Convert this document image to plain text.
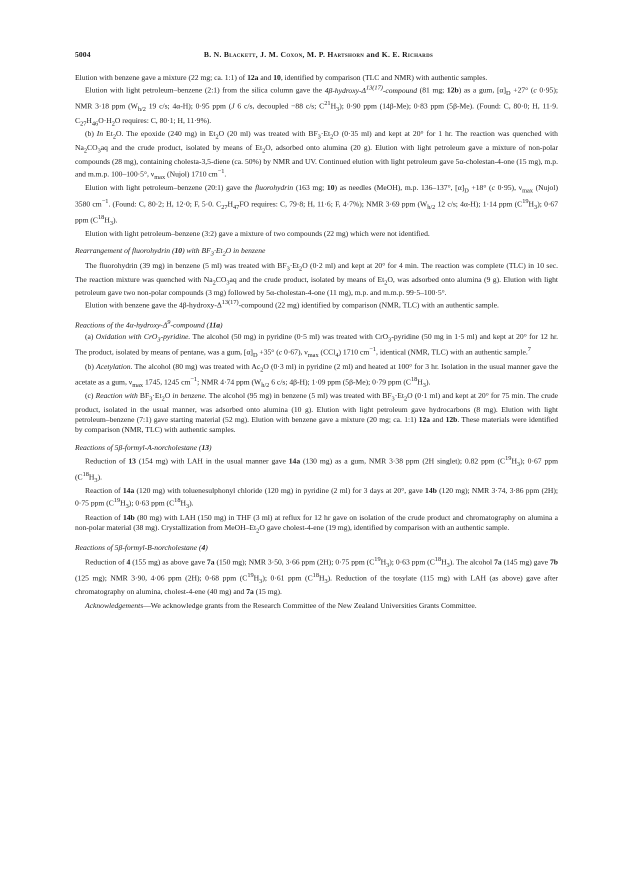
5004	B. N. Blackett, J. M. Coxon, M. P. Hartshorn and K. E. Richards

Elution with benzene gave a mixture (22 mg; ca. 1:1) of 12a and 10, identified by comparison (TLC and NMR) with authentic samples.

Elution with light petroleum–benzene (2:1) from the silica column gave the $4\beta-hydroxy-\Delta^{13(17)}$-compound (81 mg; 12b) as a gum, $[\alpha]_D +27^\circ$ (c 0·95); NMR 3·18 ppm ($W_{h/2}$ 19 c/s; 4α-H); 0·95 ppm (J 6 c/s, decoupled −88 c/s; $C^{21}H_3$); 0·90 ppm (14β-Me); 0·83 ppm (5β-Me). (Found: C, 80·0; H, 11·9. $C_{27}H_{46}O\cdot H_2O$ requires: C, 80·1; H, 11·9%).

(b) In $Et_2O$. The epoxide (240 mg) in $Et_2O$ (20 ml) was treated with $BF_3\cdot Et_2O$ (0·35 ml) and kept at 20° for 1 hr. The reaction was quenched with $Na_2CO_3aq$ and the crude product, isolated by means of $Et_2O$, adsorbed onto alumina (20 g). Elution with light petroleum gave a mixture of non-polar compounds (28 mg), containing cholesta-3,5-diene (ca. 50%) by NMR and UV. Continued elution with light petroleum gave 5α-cholestan-4-one (15 mg), m.p. and m.m.p. 100–100·5°, $\nu_{max}$ (Nujol) 1710 $cm^{-1}$.

Elution with light petroleum–benzene (20:1) gave the fluorohydrin (163 mg; 10) as needles (MeOH), m.p. 136–137°, $[\alpha]_D +18^\circ$ (c 0·95), $\nu_{max}$ (Nujol) 3580 $cm^{-1}$. (Found: C, 80·2; H, 12·0; F, 5·0. $C_{27}H_{47}FO$ requires: C, 79·8; H, 11·6; F, 4·7%); NMR 3·69 ppm ($W_{h/2}$ 12 c/s; 4α-H); 1·14 ppm $(C^{19}H_3)$; 0·67 ppm $(C^{18}H_3)$.

Elution with light petroleum–benzene (3:2) gave a mixture of two compounds (22 mg) which were not identified.

Rearrangement of fluorohydrin (10) with $BF_3\cdot Et_2O$ in benzene

The fluorohydrin (39 mg) in benzene (5 ml) was treated with $BF_3\cdot Et_2O$ (0·2 ml) and kept at 20° for 4 min. The reaction was complete (TLC) in 10 sec. The reaction mixture was quenched with $Na_2CO_3aq$ and the crude product, isolated by means of $Et_2O$, was adsorbed onto alumina (9 g). Elution with light petroleum gave two non-polar compounds (3 mg) followed by 5α-cholestan-4-one (11 mg), m.p. and m.m.p. 99·5–100·5°.

Elution with benzene gave the $4\beta-hydroxy-\Delta^{13(17)}$-compound (22 mg) identified by comparison (NMR, TLC) with an authentic sample.

Reactions of the $4\alpha-hydroxy-\Delta^9$-compound (11a)

(a) Oxidation with CrO$_3$-pyridine. The alcohol (50 mg) in pyridine (0·5 ml) was treated with CrO$_3$-pyridine (50 mg in 1·5 ml) and kept at 20° for 12 hr. The product, isolated by means of pentane, was a gum, $[\alpha]_D +35^\circ$ (c 0·67), $\nu_{max}$ (CCl$_4$) 1710 $cm^{-1}$, identical (NMR, TLC) with an authentic sample.$^7$

(b) Acetylation. The alcohol (80 mg) was treated with $Ac_2O$ (0·3 ml) in pyridine (2 ml) and heated at 100° for 3 hr. Isolation in the usual manner gave the acetate as a gum, $\nu_{max}$ 1745, 1245 $cm^{-1}$; NMR 4·74 ppm ($W_{h/2}$ 6 c/s; 4β-H); 1·09 ppm (5β-Me); 0·79 ppm $(C^{18}H_3)$.

(c) Reaction with $BF_3\cdot Et_2O$ in benzene. The alcohol (95 mg) in benzene (5 ml) was treated with $BF_3\cdot Et_2O$ (0·1 ml) and kept at 20° for 75 min. The crude product, isolated in the usual manner, was adsorbed onto alumina (10 g). Elution with light petroleum gave hydrocarbons (8 mg). Elution with light petroleum–benzene (7:1) gave starting material (52 mg). Elution with benzene gave a mixture (20 mg; ca. 1:1) 12a and 12b. These materials were identified by comparison (NMR, TLC) with authentic samples.

Reactions of 5β-formyl-A-norcholestane (13)

Reduction of 13 (154 mg) with LAH in the usual manner gave 14a (130 mg) as a gum, NMR 3·38 ppm (2H singlet); 0.82 ppm $(C^{19}H_3)$; 0·67 ppm $(C^{18}H_3)$.

Reaction of 14a (120 mg) with toluenesulphonyl chloride (120 mg) in pyridine (2 ml) for 3 days at 20°, gave 14b (120 mg); NMR 3·74, 3·86 ppm (2H); 0·75 ppm $(C^{19}H_3)$; 0·63 ppm $(C^{18}H_3)$.

Reaction of 14b (80 mg) with LAH (150 mg) in THF (3 ml) at reflux for 12 hr gave on isolation of the crude product and chromatography on alumina a non-polar material (38 mg). Crystallization from MeOH–$Et_2O$ gave cholest-4-ene (19 mg), identified by comparison with an authentic sample.

Reactions of 5β-formyl-B-norcholestane (4)

Reduction of 4 (155 mg) as above gave 7a (150 mg); NMR 3·50, 3·66 ppm (2H); 0·75 ppm $(C^{19}H_3)$; 0·63 ppm $(C^{18}H_3)$. The alcohol 7a (145 mg) gave 7b (125 mg); NMR 3·90, 4·06 ppm (2H); 0·68 ppm $(C^{19}H_3)$; 0·61 ppm $(C^{18}H_3)$. Reduction of the tosylate (115 mg) with LAH (as above) gave after chromatography on alumina, cholest-4-ene (40 mg) and 7a (15 mg).

Acknowledgements—We acknowledge grants from the Research Committee of the New Zealand Universities Grants Committee.
